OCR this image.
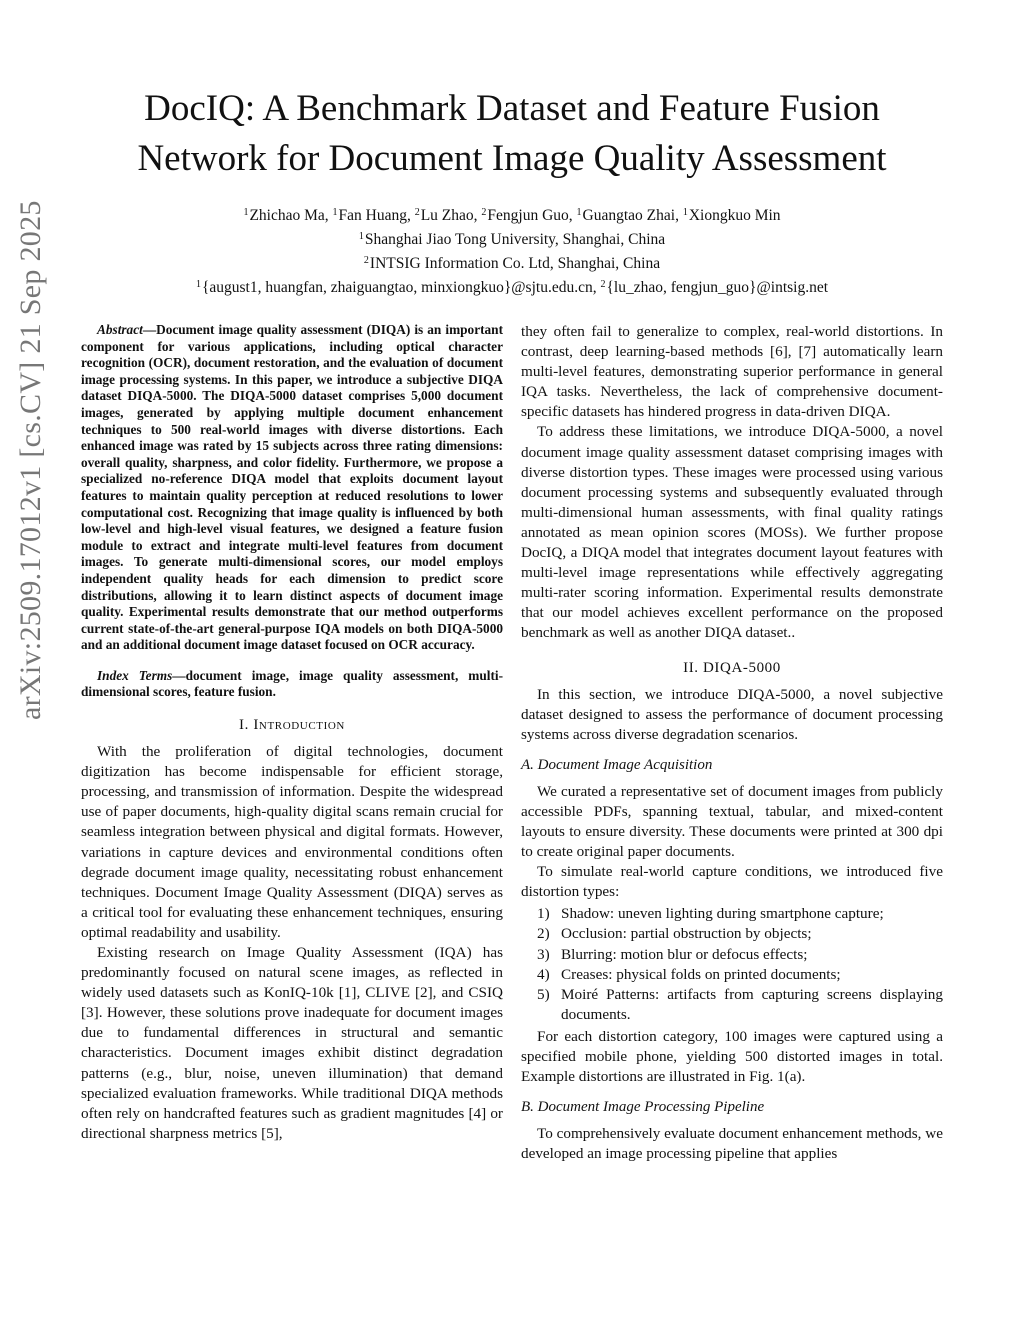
arXiv:2509.17012v1 [cs.CV] 21 Sep 2025
DocIQ: A Benchmark Dataset and Feature Fusion
Network for Document Image Quality Assessment
$^1$Zhichao Ma, $^1$Fan Huang, $^2$Lu Zhao, $^2$Fengjun Guo, $^1$Guangtao Zhai, $^1$Xiongkuo Min
$^1$Shanghai Jiao Tong University, Shanghai, China
$^2$INTSIG Information Co. Ltd, Shanghai, China
$^1${august1, huangfan, zhaiguangtao, minxiongkuo}@sjtu.edu.cn, $^2${lu_zhao, fengjun_guo}@intsig.net

Abstract—Document image quality assessment (DIQA) is an important component for various applications, including optical character recognition (OCR), document restoration, and the evaluation of document image processing systems. In this paper, we introduce a subjective DIQA dataset DIQA-5000. The DIQA-5000 dataset comprises 5,000 document images, generated by applying multiple document enhancement techniques to 500 real-world images with diverse distortions. Each enhanced image was rated by 15 subjects across three rating dimensions: overall quality, sharpness, and color fidelity. Furthermore, we propose a specialized no-reference DIQA model that exploits document layout features to maintain quality perception at reduced resolutions to lower computational cost. Recognizing that image quality is influenced by both low-level and high-level visual features, we designed a feature fusion module to extract and integrate multi-level features from document images. To generate multi-dimensional scores, our model employs independent quality heads for each dimension to predict score distributions, allowing it to learn distinct aspects of document image quality. Experimental results demonstrate that our method outperforms current state-of-the-art general-purpose IQA models on both DIQA-5000 and an additional document image dataset focused on OCR accuracy.

Index Terms—document image, image quality assessment, multi-dimensional scores, feature fusion.

I. Introduction

With the proliferation of digital technologies, document digitization has become indispensable for efficient storage, processing, and transmission of information. Despite the widespread use of paper documents, high-quality digital scans remain crucial for seamless integration between physical and digital formats. However, variations in capture devices and environmental conditions often degrade document image quality, necessitating robust enhancement techniques. Document Image Quality Assessment (DIQA) serves as a critical tool for evaluating these enhancement techniques, ensuring optimal readability and usability.

Existing research on Image Quality Assessment (IQA) has predominantly focused on natural scene images, as reflected in widely used datasets such as KonIQ-10k [1], CLIVE [2], and CSIQ [3]. However, these solutions prove inadequate for document images due to fundamental differences in structural and semantic characteristics. Document images exhibit distinct degradation patterns (e.g., blur, noise, uneven illumination) that demand specialized evaluation frameworks. While traditional DIQA methods often rely on handcrafted features such as gradient magnitudes [4] or directional sharpness metrics [5],

they often fail to generalize to complex, real-world distortions. In contrast, deep learning-based methods [6], [7] automatically learn multi-level features, demonstrating superior performance in general IQA tasks. Nevertheless, the lack of comprehensive document-specific datasets has hindered progress in data-driven DIQA.

To address these limitations, we introduce DIQA-5000, a novel document image quality assessment dataset comprising images with diverse distortion types. These images were processed using various document processing systems and subsequently evaluated through multi-dimensional human assessments, with final quality ratings annotated as mean opinion scores (MOSs). We further propose DocIQ, a DIQA model that integrates document layout features with multi-level image representations while effectively aggregating multi-rater scoring information. Experimental results demonstrate that our model achieves excellent performance on the proposed benchmark as well as another DIQA dataset..

II. DIQA-5000

In this section, we introduce DIQA-5000, a novel subjective dataset designed to assess the performance of document processing systems across diverse degradation scenarios.

A. Document Image Acquisition

We curated a representative set of document images from publicly accessible PDFs, spanning textual, tabular, and mixed-content layouts to ensure diversity. These documents were printed at 300 dpi to create original paper documents.

To simulate real-world capture conditions, we introduced five distortion types:

1) Shadow: uneven lighting during smartphone capture;
2) Occlusion: partial obstruction by objects;
3) Blurring: motion blur or defocus effects;
4) Creases: physical folds on printed documents;
5) Moiré Patterns: artifacts from capturing screens displaying documents.

For each distortion category, 100 images were captured using a specified mobile phone, yielding 500 distorted images in total. Example distortions are illustrated in Fig. 1(a).

B. Document Image Processing Pipeline

To comprehensively evaluate document enhancement methods, we developed an image processing pipeline that applies
